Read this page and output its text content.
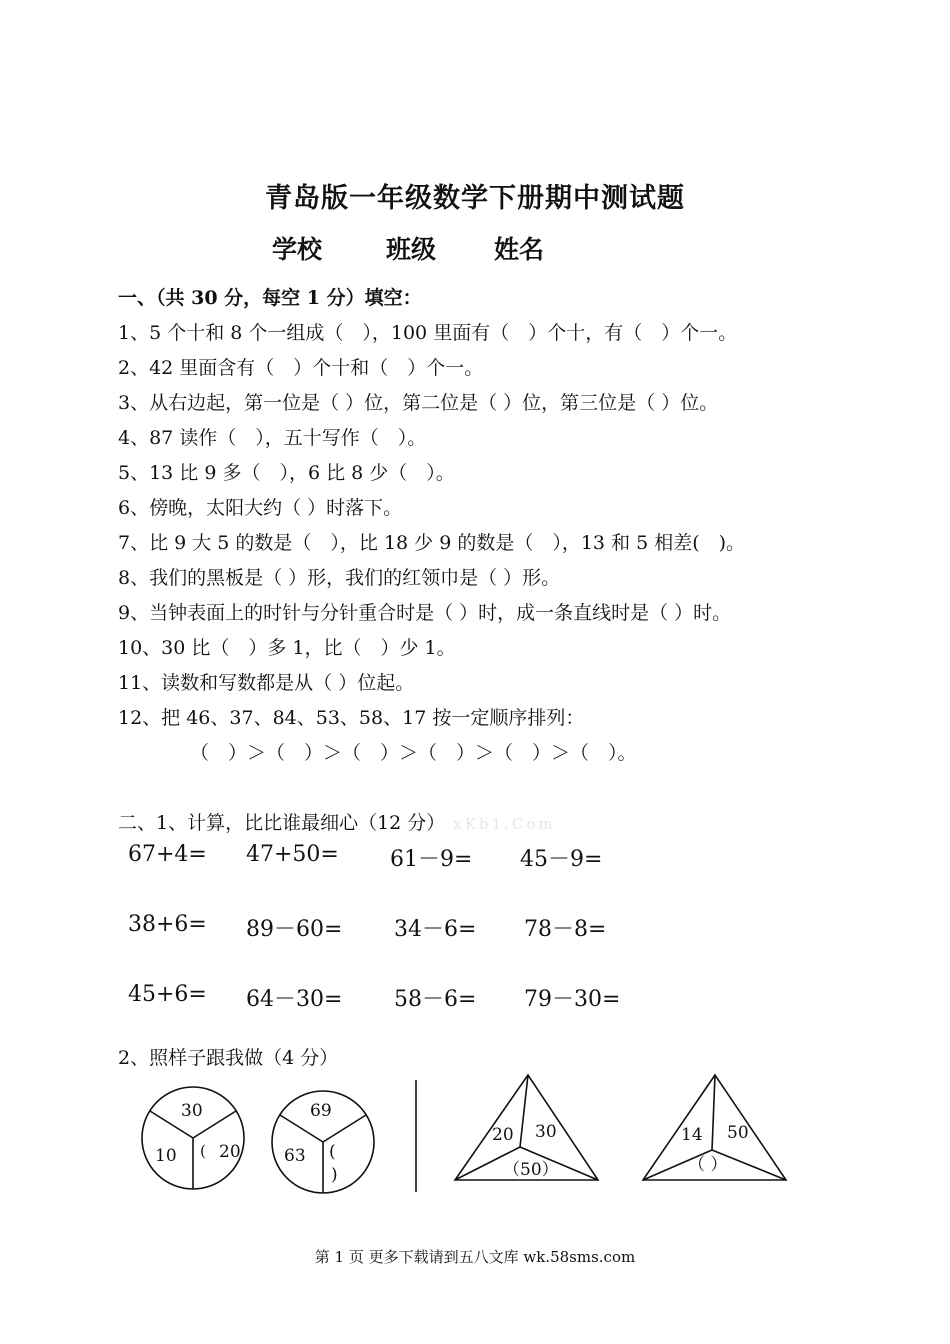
青岛版一年级数学下册期中测试题
学校	班级 姓名
一、（共 30 分，每空 1 分）填空：
1、5 个十和 8 个一组成（　），100 里面有（　）个十，有（　）个一。
2、42 里面含有（　）个十和（　）个一。
3、从右边起，第一位是（ ）位，第二位是（ ）位，第三位是（ ）位。
4、87 读作（　），五十写作（　）。
5、13 比 9 多（　），6 比 8 少（　）。
6、傍晚，太阳大约（ ）时落下。
7、比 9 大 5 的数是（　），比 18 少 9 的数是（　），13 和 5 相差(　)。
8、我们的黑板是（ ）形，我们的红领巾是（ ）形。
9、当钟表面上的时针与分针重合时是（ ）时，成一条直线时是（ ）时。
10、30 比（　）多 1，比（　）少 1。
11、读数和写数都是从（ ）位起。
12、把 46、37、84、53、58、17 按一定顺序排列：
（　）＞（　）＞（　）＞（　）＞（　）＞（　）。
二、1、计算，比比谁最细心（12 分） xKb1.Com
67+4= 47+50= 61－9= 45－9=
38+6= 89－60= 34－6= 78－8=
45+6= 64－30= 58－6= 79－30=
2、照样子跟我做（4 分）
30
10 ( 20
69
63 (
)
20 30
（50）
14 50
（ ）
第 1 页 更多下载请到五八文库 wk.58sms.com
